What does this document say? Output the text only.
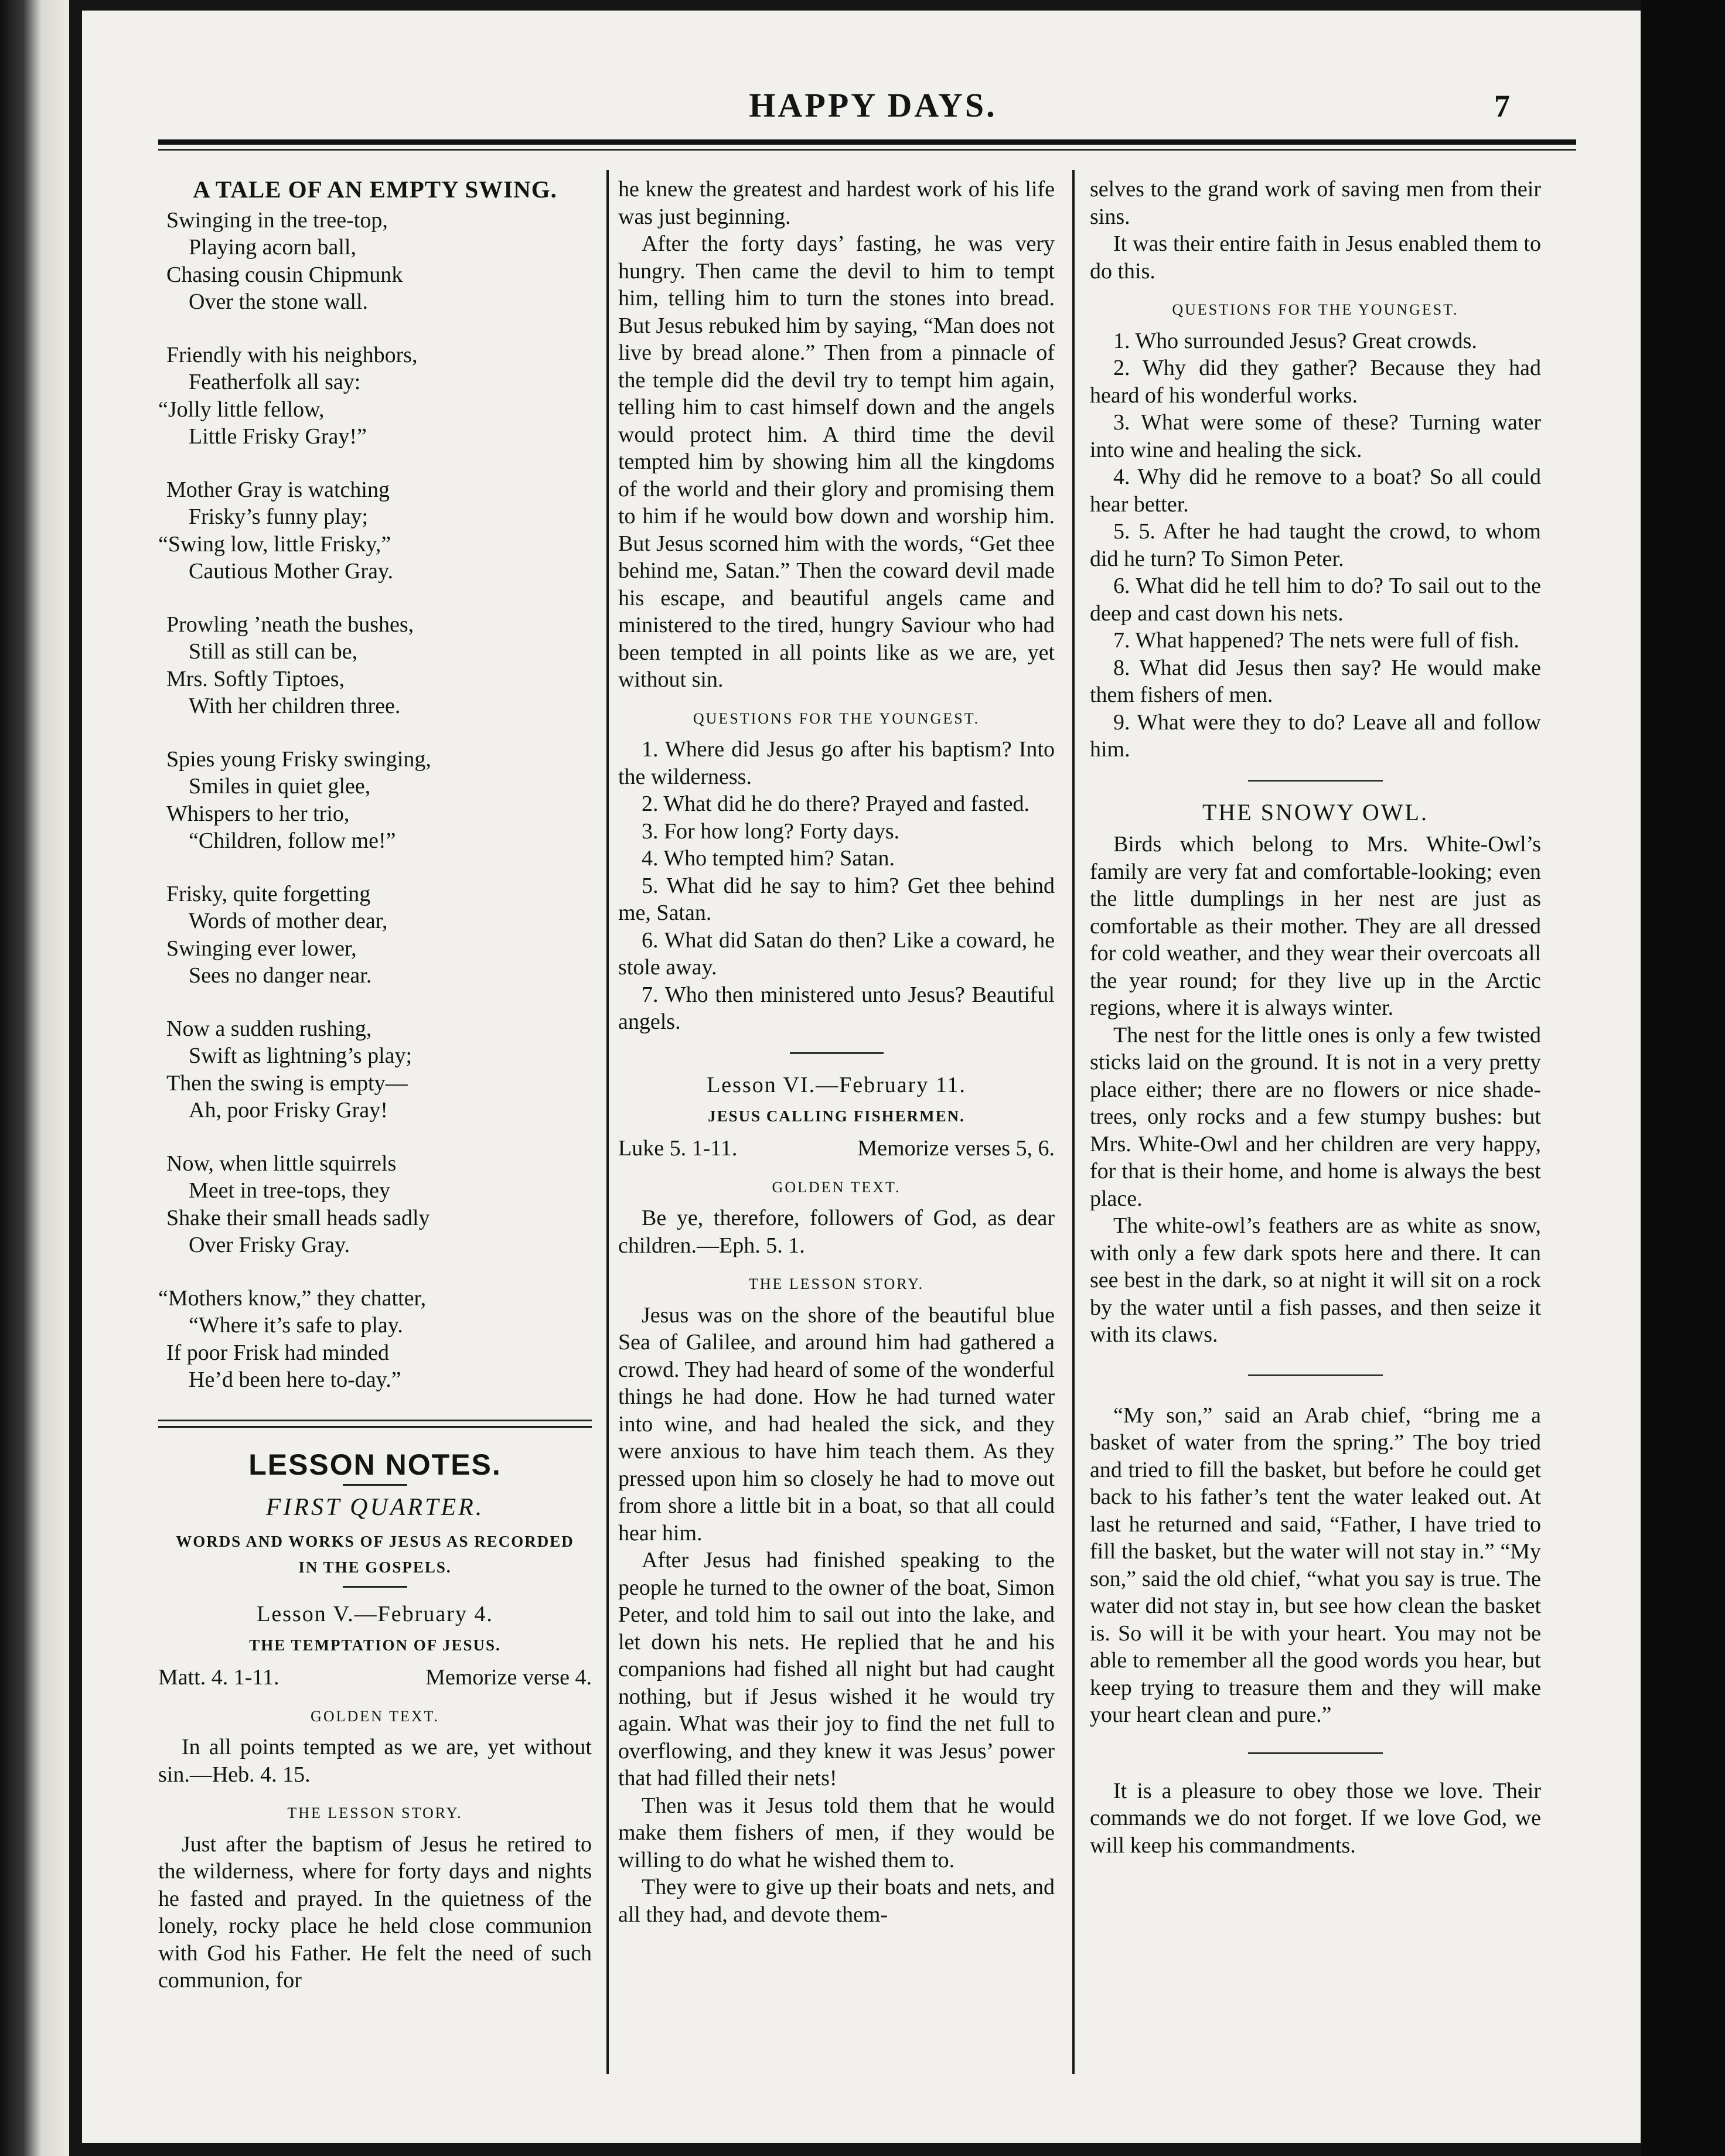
HAPPY DAYS.	7
A TALE OF AN EMPTY SWING.
Swinging in the tree-top,
Playing acorn ball,
Chasing cousin Chipmunk
Over the stone wall.
Friendly with his neighbors,
Featherfolk all say:
“Jolly little fellow,
Little Frisky Gray!”
Mother Gray is watching
Frisky’s funny play;
“Swing low, little Frisky,”
Cautious Mother Gray.
Prowling ’neath the bushes,
Still as still can be,
Mrs. Softly Tiptoes,
With her children three.
Spies young Frisky swinging,
Smiles in quiet glee,
Whispers to her trio,
“Children, follow me!”
Frisky, quite forgetting
Words of mother dear,
Swinging ever lower,
Sees no danger near.
Now a sudden rushing,
Swift as lightning’s play;
Then the swing is empty—
Ah, poor Frisky Gray!
Now, when little squirrels
Meet in tree-tops, they
Shake their small heads sadly
Over Frisky Gray.
“Mothers know,” they chatter,
“Where it’s safe to play.
If poor Frisk had minded
He’d been here to-day.”
LESSON NOTES.
FIRST QUARTER.
WORDS AND WORKS OF JESUS AS RECORDED
IN THE GOSPELS.
Lesson V.—February 4.
THE TEMPTATION OF JESUS.
Matt. 4. 1-11.	Memorize verse 4.
GOLDEN TEXT.

In all points tempted as we are, yet without sin.—Heb. 4. 15.

THE LESSON STORY.

Just after the baptism of Jesus he retired to the wilderness, where for forty days and nights he fasted and prayed. In the quietness of the lonely, rocky place he held close communion with God his Father. He felt the need of such communion, for

he knew the greatest and hardest work of his life was just beginning.

After the forty days’ fasting, he was very hungry. Then came the devil to him to tempt him, telling him to turn the stones into bread. But Jesus rebuked him by saying, “Man does not live by bread alone.” Then from a pinnacle of the temple did the devil try to tempt him again, telling him to cast himself down and the angels would protect him. A third time the devil tempted him by showing him all the kingdoms of the world and their glory and promising them to him if he would bow down and worship him. But Jesus scorned him with the words, “Get thee behind me, Satan.” Then the coward devil made his escape, and beautiful angels came and ministered to the tired, hungry Saviour who had been tempted in all points like as we are, yet without sin.

QUESTIONS FOR THE YOUNGEST.

1. Where did Jesus go after his baptism? Into the wilderness.

2. What did he do there? Prayed and fasted.

3. For how long? Forty days.

4. Who tempted him? Satan.

5. What did he say to him? Get thee behind me, Satan.

6. What did Satan do then? Like a coward, he stole away.

7. Who then ministered unto Jesus? Beautiful angels.

Lesson VI.—February 11.
JESUS CALLING FISHERMEN.
Luke 5. 1-11.	Memorize verses 5, 6.
GOLDEN TEXT.

Be ye, therefore, followers of God, as dear children.—Eph. 5. 1.

THE LESSON STORY.

Jesus was on the shore of the beautiful blue Sea of Galilee, and around him had gathered a crowd. They had heard of some of the wonderful things he had done. How he had turned water into wine, and had healed the sick, and they were anxious to have him teach them. As they pressed upon him so closely he had to move out from shore a little bit in a boat, so that all could hear him.

After Jesus had finished speaking to the people he turned to the owner of the boat, Simon Peter, and told him to sail out into the lake, and let down his nets. He replied that he and his companions had fished all night but had caught nothing, but if Jesus wished it he would try again. What was their joy to find the net full to overflowing, and they knew it was Jesus’ power that had filled their nets!

Then was it Jesus told them that he would make them fishers of men, if they would be willing to do what he wished them to.

They were to give up their boats and nets, and all they had, and devote them-

selves to the grand work of saving men from their sins.

It was their entire faith in Jesus enabled them to do this.

QUESTIONS FOR THE YOUNGEST.

1. Who surrounded Jesus? Great crowds.

2. Why did they gather? Because they had heard of his wonderful works.

3. What were some of these? Turning water into wine and healing the sick.

4. Why did he remove to a boat? So all could hear better.

5. 5. After he had taught the crowd, to whom did he turn? To Simon Peter.

6. What did he tell him to do? To sail out to the deep and cast down his nets.

7. What happened? The nets were full of fish.

8. What did Jesus then say? He would make them fishers of men.

9. What were they to do? Leave all and follow him.

THE SNOWY OWL.

Birds which belong to Mrs. White-Owl’s family are very fat and comfortable-looking; even the little dumplings in her nest are just as comfortable as their mother. They are all dressed for cold weather, and they wear their overcoats all the year round; for they live up in the Arctic regions, where it is always winter.

The nest for the little ones is only a few twisted sticks laid on the ground. It is not in a very pretty place either; there are no flowers or nice shade-trees, only rocks and a few stumpy bushes: but Mrs. White-Owl and her children are very happy, for that is their home, and home is always the best place.

The white-owl’s feathers are as white as snow, with only a few dark spots here and there. It can see best in the dark, so at night it will sit on a rock by the water until a fish passes, and then seize it with its claws.

“My son,” said an Arab chief, “bring me a basket of water from the spring.” The boy tried and tried to fill the basket, but before he could get back to his father’s tent the water leaked out. At last he returned and said, “Father, I have tried to fill the basket, but the water will not stay in.” “My son,” said the old chief, “what you say is true. The water did not stay in, but see how clean the basket is. So will it be with your heart. You may not be able to remember all the good words you hear, but keep trying to treasure them and they will make your heart clean and pure.”

It is a pleasure to obey those we love. Their commands we do not forget. If we love God, we will keep his commandments.
